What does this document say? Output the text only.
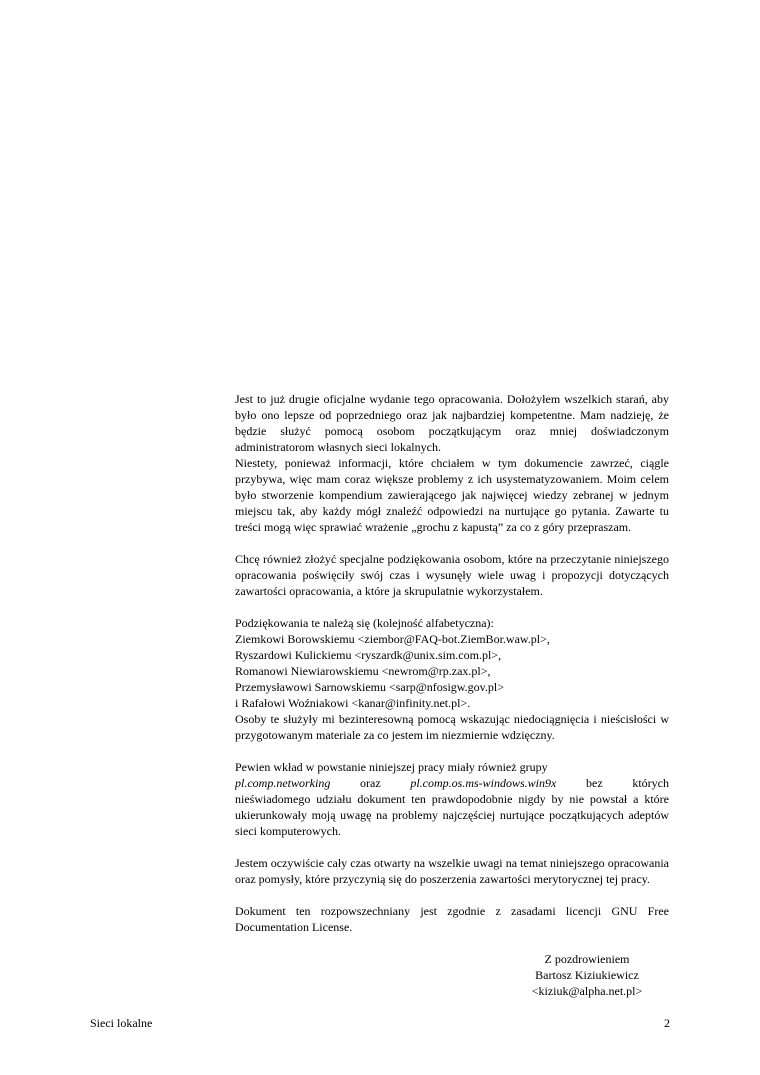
Jest to już drugie oficjalne wydanie tego opracowania. Dołożyłem wszelkich starań, aby było ono lepsze od poprzedniego oraz jak najbardziej kompetentne. Mam nadzieję, że będzie służyć pomocą osobom początkującym oraz mniej doświadczonym administratorom własnych sieci lokalnych.

Niestety, ponieważ informacji, które chciałem w tym dokumencie zawrzeć, ciągle przybywa, więc mam coraz większe problemy z ich usystematyzowaniem. Moim celem było stworzenie kompendium zawierającego jak najwięcej wiedzy zebranej w jednym miejscu tak, aby każdy mógł znaleźć odpowiedzi na nurtujące go pytania. Zawarte tu treści mogą więc sprawiać wrażenie „grochu z kapustą” za co z góry przepraszam.

Chcę również złożyć specjalne podziękowania osobom, które na przeczytanie niniejszego opracowania poświęciły swój czas i wysunęły wiele uwag i propozycji dotyczących zawartości opracowania, a które ja skrupulatnie wykorzystałem.

Podziękowania te należą się (kolejność alfabetyczna):

Ziemkowi Borowskiemu <ziembor@FAQ-bot.ZiemBor.waw.pl>,

Ryszardowi Kulickiemu <ryszardk@unix.sim.com.pl>,

Romanowi Niewiarowskiemu <newrom@rp.zax.pl>,

Przemysławowi Sarnowskiemu <sarp@nfosigw.gov.pl>

i Rafałowi Woźniakowi <kanar@infinity.net.pl>.

Osoby te służyły mi bezinteresowną pomocą wskazując niedociągnięcia i nieścisłości w przygotowanym materiale za co jestem im niezmiernie wdzięczny.

Pewien wkład w powstanie niniejszej pracy miały również grupy

pl.comp.networking oraz pl.comp.os.ms-windows.win9x bez których

nieświadomego udziału dokument ten prawdopodobnie nigdy by nie powstał a które ukierunkowały moją uwagę na problemy najczęściej nurtujące początkujących adeptów sieci komputerowych.

Jestem oczywiście cały czas otwarty na wszelkie uwagi na temat niniejszego opracowania oraz pomysły, które przyczynią się do poszerzenia zawartości merytorycznej tej pracy.

Dokument ten rozpowszechniany jest zgodnie z zasadami licencji GNU Free Documentation License.

Z pozdrowieniem
Bartosz Kiziukiewicz
<kiziuk@alpha.net.pl>
Sieci lokalne	2
